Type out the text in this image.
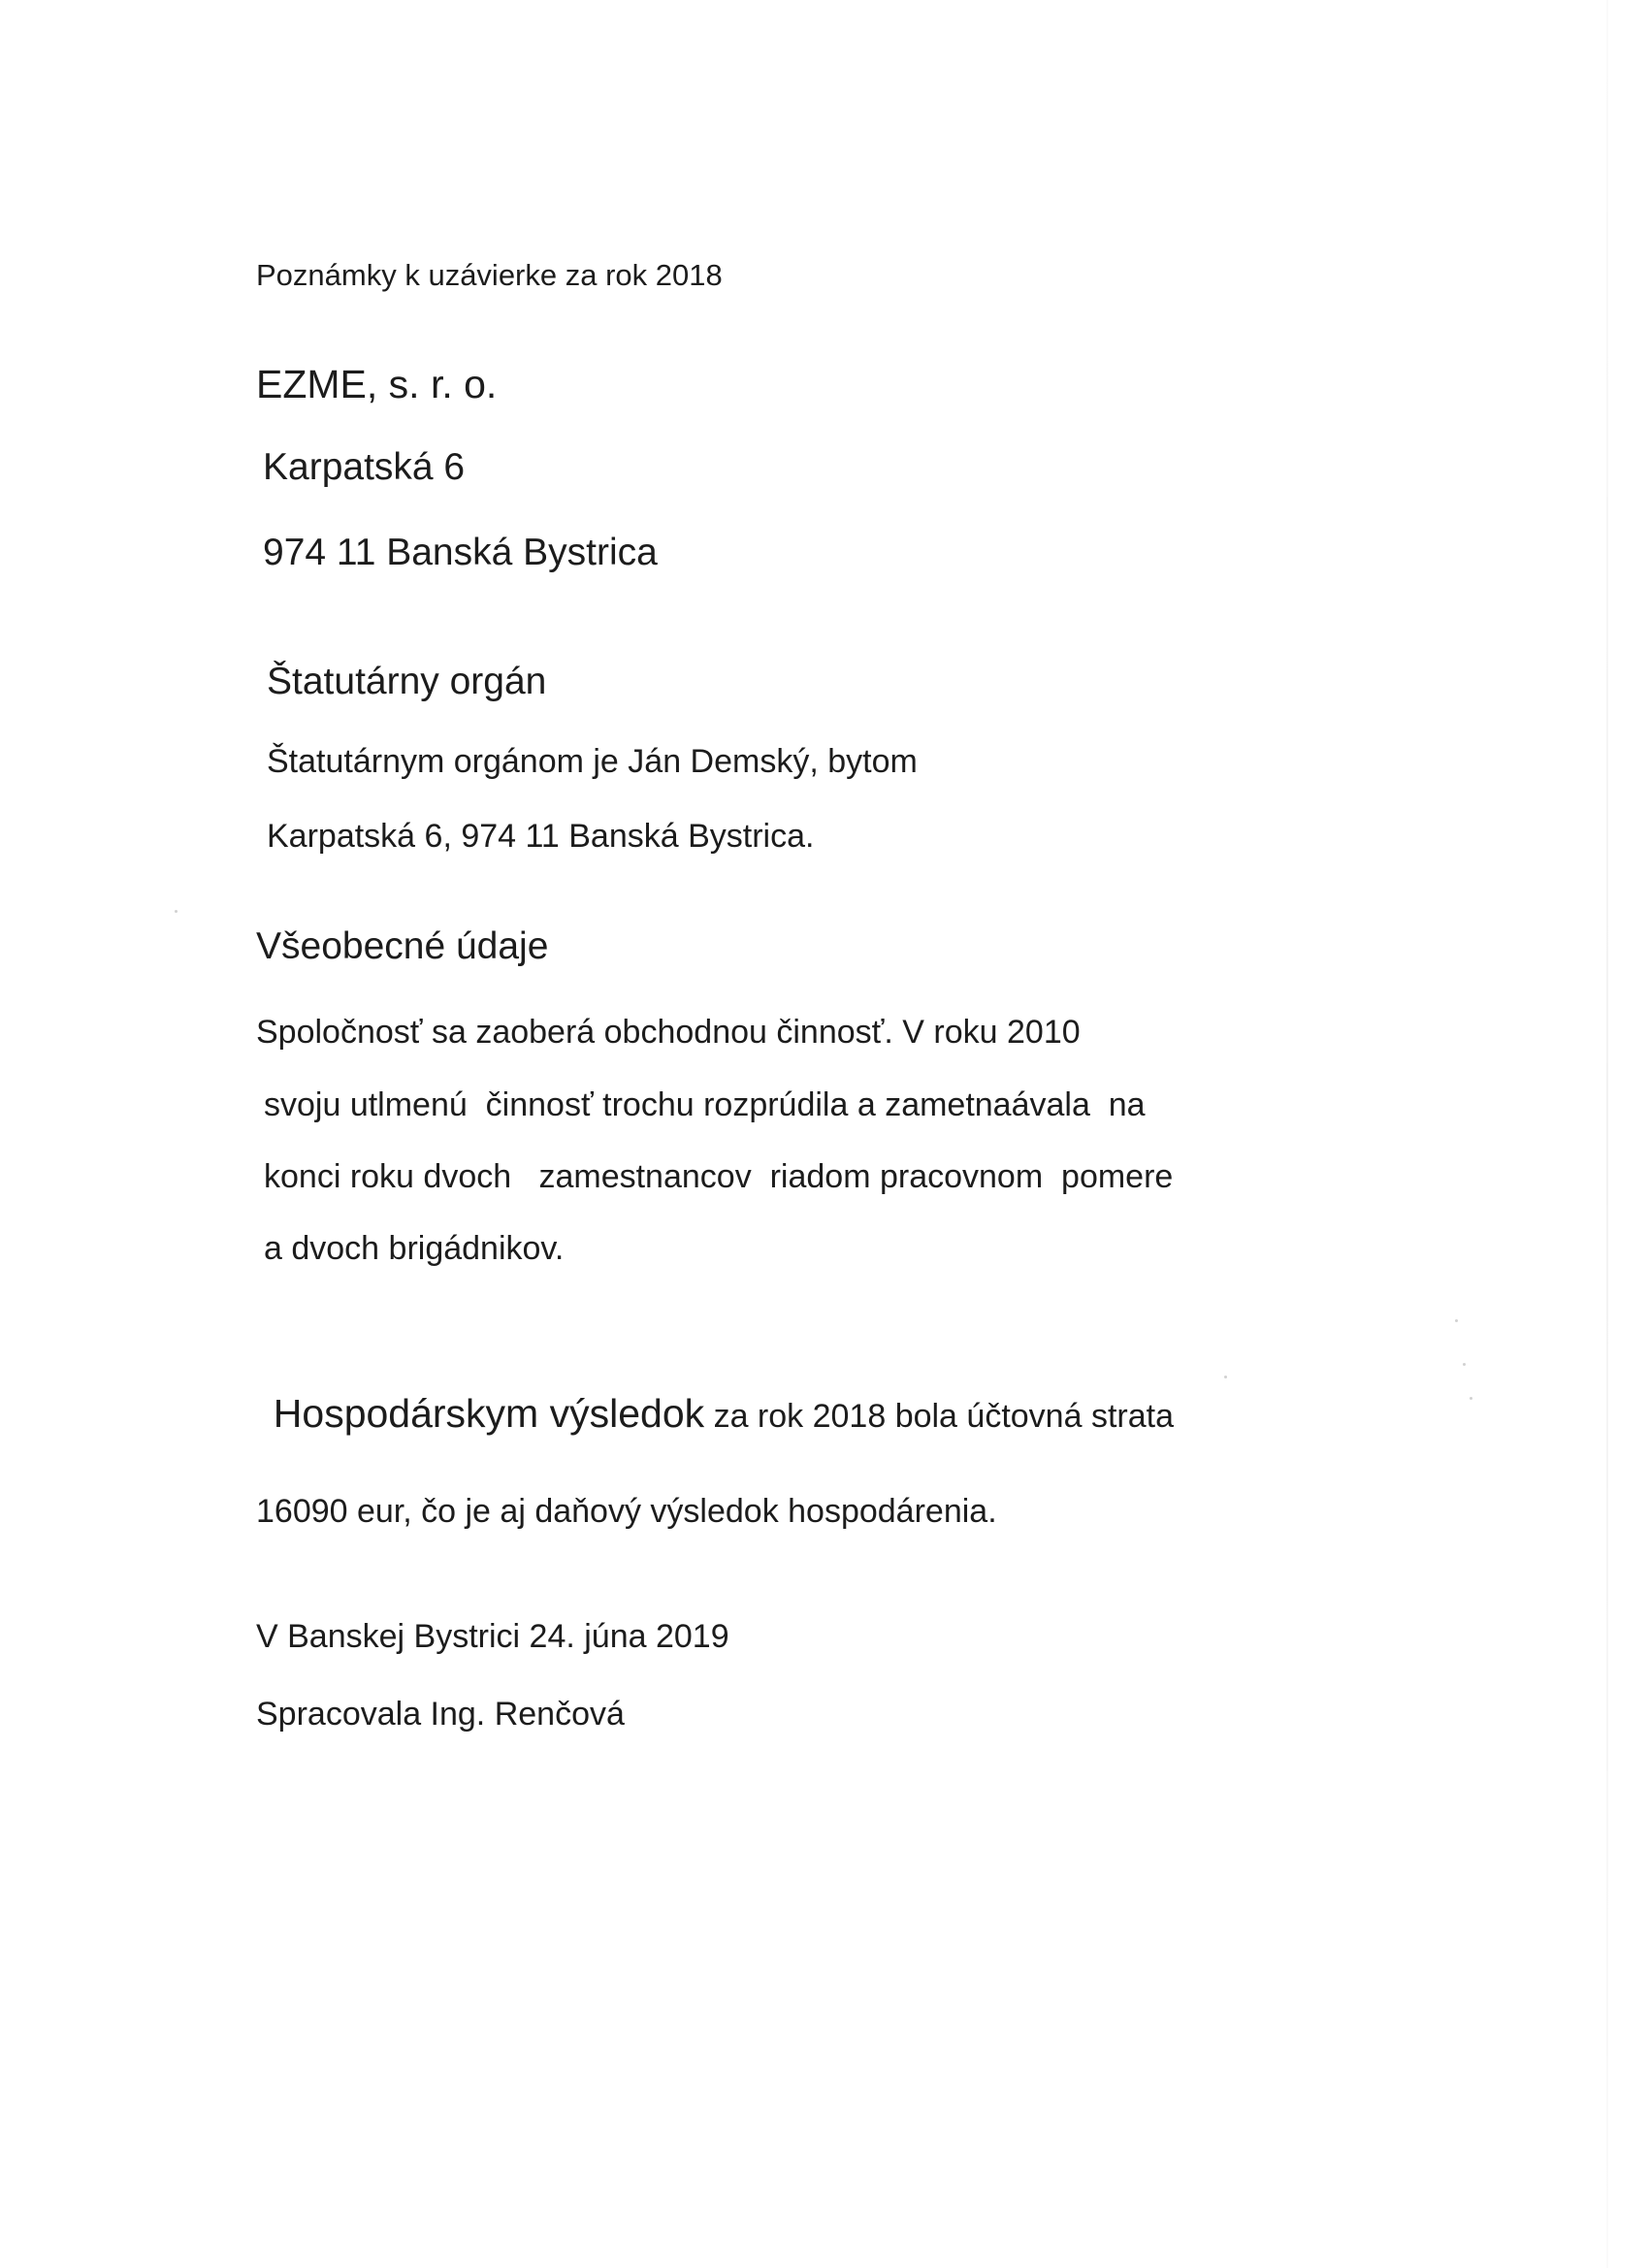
Poznámky k uzávierke za rok 2018
EZME, s. r. o.
Karpatská 6
974 11 Banská Bystrica
Štatutárny orgán
Štatutárnym orgánom je Ján Demský, bytom
Karpatská 6, 974 11 Banská Bystrica.
Všeobecné údaje
Spoločnosť sa zaoberá obchodnou činnosť. V roku 2010
svoju utlmenú  činnosť trochu rozprúdila a zametnaávala  na
konci roku dvoch   zamestnancov  riadom pracovnom  pomere
a dvoch brigádnikov.

Hospodárskym výsledok za rok 2018 bola účtovná strata

16090 eur, čo je aj daňový výsledok hospodárenia.
V Banskej Bystrici 24. júna 2019
Spracovala Ing. Renčová
